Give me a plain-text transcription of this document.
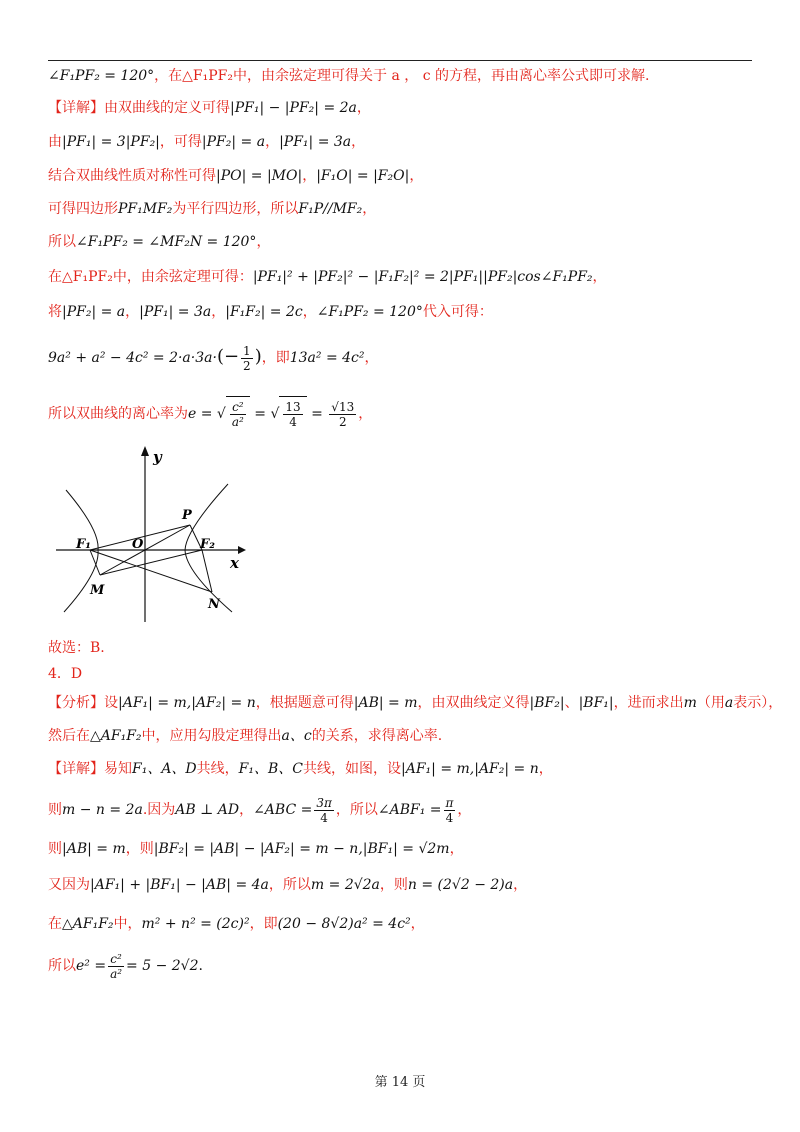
∠F₁PF₂ = 120°，在△F₁PF₂中，由余弦定理可得关于 a ， c 的方程，再由离心率公式即可求解.
【详解】由双曲线的定义可得|PF₁| − |PF₂| = 2a，
由|PF₁| = 3|PF₂|，可得|PF₂| = a，|PF₁| = 3a，
结合双曲线性质对称性可得|PO| = |MO|，|F₁O| = |F₂O|，
可得四边形PF₁MF₂为平行四边形，所以F₁P//MF₂，
所以∠F₁PF₂ = ∠MF₂N = 120°，
在△F₁PF₂中，由余弦定理可得：|PF₁|² + |PF₂|² − |F₁F₂|² = 2|PF₁||PF₂|cos∠F₁PF₂，
将|PF₂| = a，|PF₁| = 3a，|F₁F₂| = 2c，∠F₁PF₂ = 120°代入可得：
$9a^2 + a^2 - 4c^2 = 2\cdot a\cdot 3a\cdot(- \frac{1}{2}$ )，即13a² = 4c²，
所以双曲线的离心率为e = √ $\frac{\text{c²}}{\text{a²}}$ = √ $\frac{13}{4} = \frac{√13}{2}$ ，
y
x
O
P
F₁	F₂
M
N
故选：B.
4．D
【分析】设|AF₁| = m,|AF₂| = n，根据题意可得|AB| = m，由双曲线定义得|BF₂|、|BF₁|，进而求出m（用a表示），
然后在△AF₁F₂中，应用勾股定理得出a、c的关系，求得离心率.
【详解】易知F₁、A、D共线，F₁、B、C共线，如图，设|AF₁| = m,|AF₂| = n，
则m − n = 2a.因为AB ⊥ AD，∠ABC = $\frac{3\pi}{4}$ ，所以∠ABF₁ = $\frac{\pi}{4}$ ，
则|AB| = m，则|BF₂| = |AB| − |AF₂| = m − n,|BF₁| = √2m，
又因为|AF₁| + |BF₁| − |AB| = 4a，所以m = 2√2a，则n = (2√2 − 2)a，
在△AF₁F₂中，m² + n² = (2c)²，即(20 − 8√2)a² = 4c²，
所以$e^2 = \frac{\text{c²}}{\text{a²}} = 5 - 2√2$.
第 14 页
